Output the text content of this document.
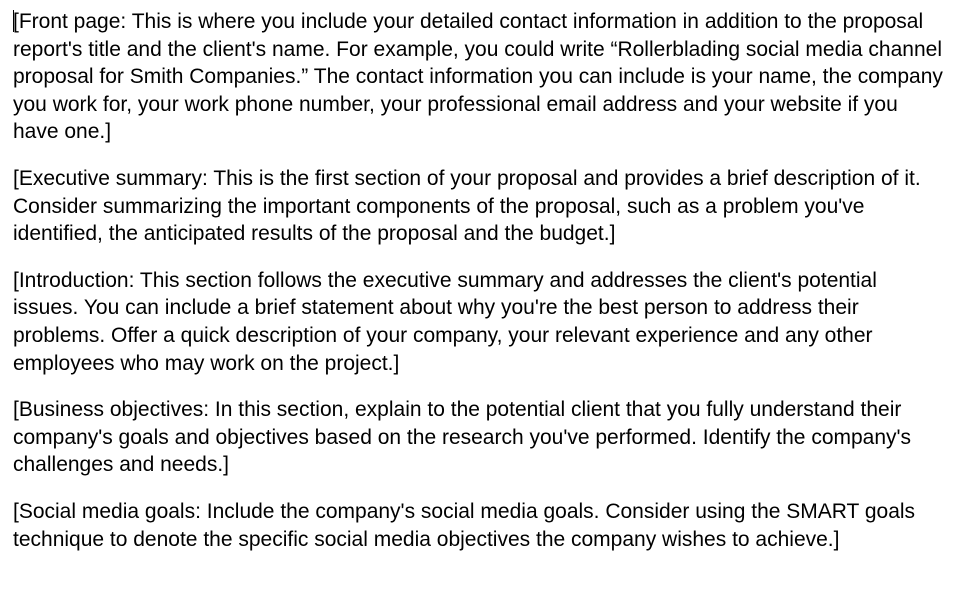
[Front page: This is where you include your detailed contact information in addition to the proposal report's title and the client's name. For example, you could write “Rollerblading social media channel proposal for Smith Companies.” The contact information you can include is your name, the company you work for, your work phone number, your professional email address and your website if you have one.]

[Executive summary: This is the first section of your proposal and provides a brief description of it. Consider summarizing the important components of the proposal, such as a problem you've identified, the anticipated results of the proposal and the budget.]

[Introduction: This section follows the executive summary and addresses the client's potential issues. You can include a brief statement about why you're the best person to address their problems. Offer a quick description of your company, your relevant experience and any other employees who may work on the project.]

[Business objectives: In this section, explain to the potential client that you fully understand their company's goals and objectives based on the research you've performed. Identify the company's challenges and needs.]

[Social media goals: Include the company's social media goals. Consider using the SMART goals technique to denote the specific social media objectives the company wishes to achieve.]
